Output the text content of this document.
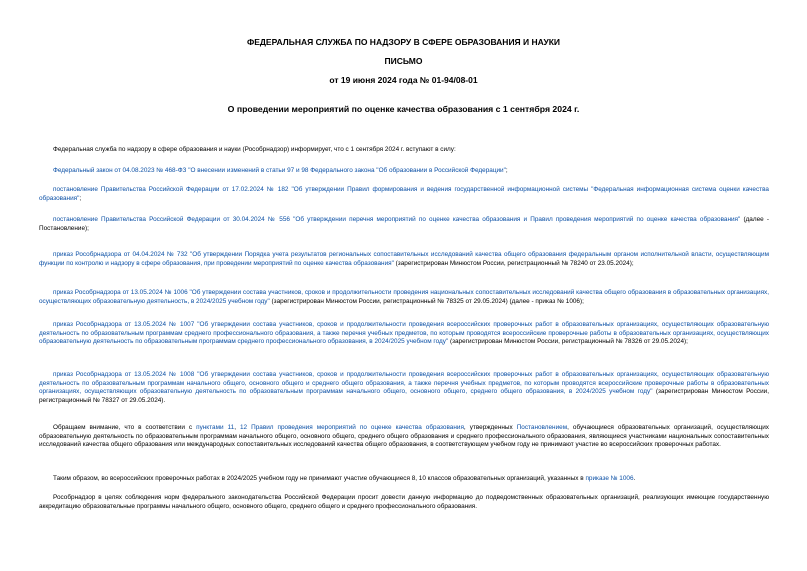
ФЕДЕРАЛЬНАЯ СЛУЖБА ПО НАДЗОРУ В СФЕРЕ ОБРАЗОВАНИЯ И НАУКИ
ПИСЬМО
от 19 июня 2024 года № 01-94/08-01
О проведении мероприятий по оценке качества образования с 1 сентября 2024 г.
Федеральная служба по надзору в сфере образования и науки (Рособрнадзор) информирует, что с 1 сентября 2024 г. вступают в силу:
Федеральный закон от 04.08.2023 № 468-ФЗ "О внесении изменений в статьи 97 и 98 Федерального закона "Об образовании в Российской Федерации";
постановление Правительства Российской Федерации от 17.02.2024 № 182 "Об утверждении Правил формирования и ведения государственной информационной системы "Федеральная информационная система оценки качества образования";
постановление Правительства Российской Федерации от 30.04.2024 № 556 "Об утверждении перечня мероприятий по оценке качества образования и Правил проведения мероприятий по оценке качества образования" (далее - Постановление);
приказ Рособрнадзора от 04.04.2024 № 732 "Об утверждении Порядка учета результатов региональных сопоставительных исследований качества общего образования федеральным органом исполнительной власти, осуществляющим функции по контролю и надзору в сфере образования, при проведении мероприятий по оценке качества образования" (зарегистрирован Минюстом России, регистрационный № 78240 от 23.05.2024);
приказ Рособрнадзора от 13.05.2024 № 1006 "Об утверждении состава участников, сроков и продолжительности проведения национальных сопоставительных исследований качества общего образования в образовательных организациях, осуществляющих образовательную деятельность, в 2024/2025 учебном году" (зарегистрирован Минюстом России, регистрационный № 78325 от 29.05.2024) (далее - приказ № 1006);
приказ Рособрнадзора от 13.05.2024 № 1007 "Об утверждении состава участников, сроков и продолжительности проведения всероссийских проверочных работ в образовательных организациях, осуществляющих образовательную деятельность по образовательным программам среднего профессионального образования, а также перечня учебных предметов, по которым проводятся всероссийские проверочные работы в образовательных организациях, осуществляющих образовательную деятельность по образовательным программам среднего профессионального образования, в 2024/2025 учебном году" (зарегистрирован Минюстом России, регистрационный № 78326 от 29.05.2024);
приказ Рособрнадзора от 13.05.2024 № 1008 "Об утверждении состава участников, сроков и продолжительности проведения всероссийских проверочных работ в образовательных организациях, осуществляющих образовательную деятельность по образовательным программам начального общего, основного общего и среднего общего образования, а также перечня учебных предметов, по которым проводятся всероссийские проверочные работы в образовательных организациях, осуществляющих образовательную деятельность по образовательным программам начального общего, основного общего, среднего общего образования, в 2024/2025 учебном году" (зарегистрирован Минюстом России, регистрационный № 78327 от 29.05.2024).
Обращаем внимание, что в соответствии с пунктами 11, 12 Правил проведения мероприятий по оценке качества образования, утвержденных Постановлением, обучающиеся образовательных организаций, осуществляющих образовательную деятельность по образовательным программам начального общего, основного общего, среднего общего образования и среднего профессионального образования, являющиеся участниками национальных сопоставительных исследований качества общего образования или международных сопоставительных исследований качества общего образования, в соответствующем учебном году не принимают участие во всероссийских проверочных работах.
Таким образом, во всероссийских проверочных работах в 2024/2025 учебном году не принимают участие обучающиеся 8, 10 классов образовательных организаций, указанных в приказе № 1006.
Рособрнадзор в целях соблюдения норм федерального законодательства Российской Федерации просит довести данную информацию до подведомственных образовательных организаций, реализующих имеющие государственную аккредитацию образовательные программы начального общего, основного общего, среднего общего и среднего профессионального образования.
